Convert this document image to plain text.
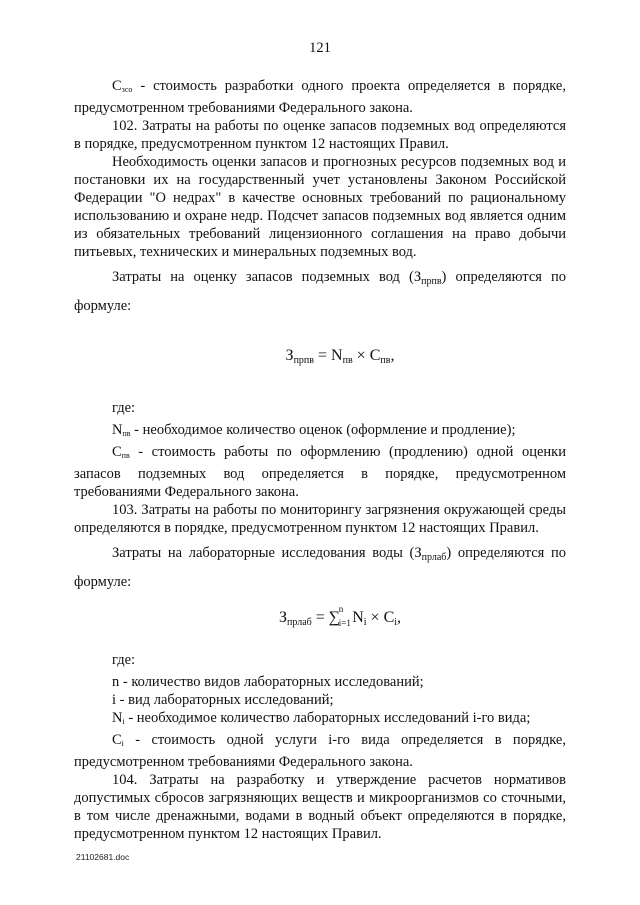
121

Сзсо - стоимость разработки одного проекта определяется в порядке, предусмотренном требованиями Федерального закона.

102. Затраты на работы по оценке запасов подземных вод определяются в порядке, предусмотренном пунктом 12 настоящих Правил.

Необходимость оценки запасов и прогнозных ресурсов подземных вод и постановки их на государственный учет установлены Законом Российской Федерации "О недрах" в качестве основных требований по рациональному использованию и охране недр. Подсчет запасов подземных вод является одним из обязательных требований лицензионного соглашения на право добычи питьевых, технических и минеральных подземных вод.

Затраты на оценку запасов подземных вод $(З_{прпв})$ определяются по формуле:

$З_{прпв} = N_{пв} \times С_{пв}$,

где:

Nпв - необходимое количество оценок (оформление и продление);

Спв - стоимость работы по оформлению (продлению) одной оценки запасов подземных вод определяется в порядке, предусмотренном требованиями Федерального закона.

103. Затраты на работы по мониторингу загрязнения окружающей среды определяются в порядке, предусмотренном пунктом 12 настоящих Правил.

Затраты на лабораторные исследования воды $(З_{прлаб})$ определяются по формуле:

$З_{прлаб}$ = ∑
n
i=1 $N_i \times C_i$,

где:

n - количество видов лабораторных исследований;

i - вид лабораторных исследований;

Ni - необходимое количество лабораторных исследований i-го вида;

Ci - стоимость одной услуги i-го вида определяется в порядке, предусмотренном требованиями Федерального закона.

104. Затраты на разработку и утверждение расчетов нормативов допустимых сбросов загрязняющих веществ и микроорганизмов со сточными, в том числе дренажными, водами в водный объект определяются в порядке, предусмотренном пунктом 12 настоящих Правил.

21102681.doc
